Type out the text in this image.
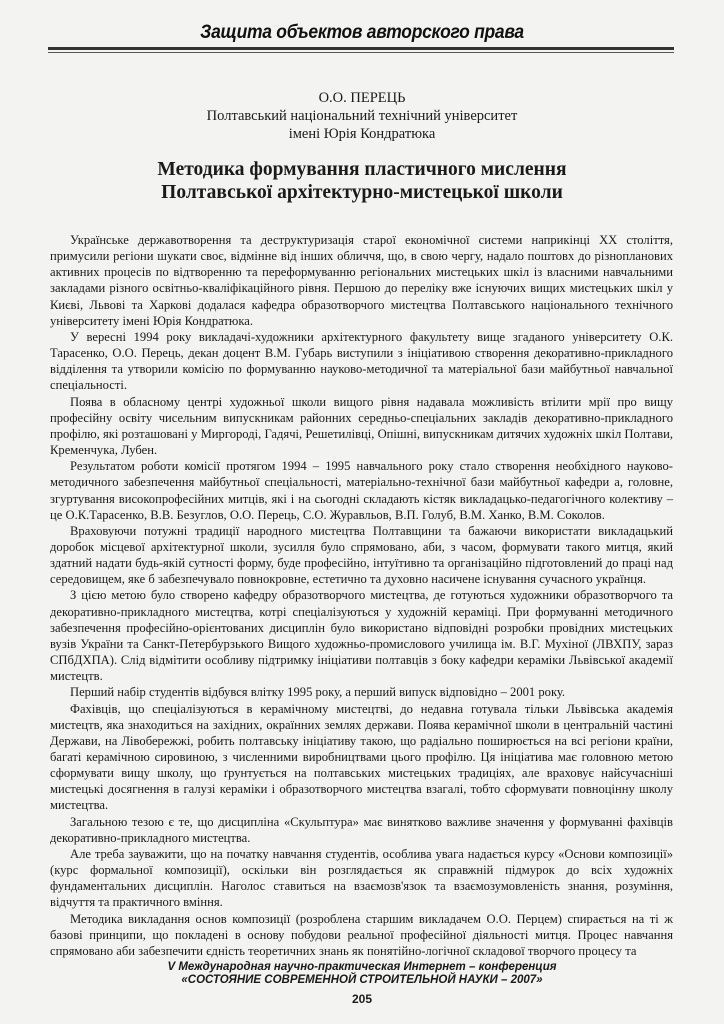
Защита объектов авторского права
О.О. ПЕРЕЦЬ
Полтавський національний технічний університет
імені Юрія Кондратюка
Методика формування пластичного мислення
Полтавської архітектурно-мистецької школи

Українське державотворення та деструктуризація старої економічної системи наприкінці XX століття, примусили регіони шукати своє, відмінне від інших обличчя, що, в свою чергу, надало поштовх до різнопланових активних процесів по відтворенню та переформуванню регіональних мистецьких шкіл із власними навчальними закладами різного освітньо-кваліфікаційного рівня. Першою до переліку вже існуючих вищих мистецьких шкіл у Києві, Львові та Харкові додалася кафедра образотворчого мистецтва Полтавського національного технічного університету імені Юрія Кондратюка.

У вересні 1994 року викладачі-художники архітектурного факультету вище згаданого університету О.К. Тарасенко, О.О. Перець, декан доцент В.М. Губарь виступили з ініціативою створення декоративно-прикладного відділення та утворили комісію по формуванню науково-методичної та матеріальної бази майбутньої навчальної спеціальності.

Поява в обласному центрі художньої школи вищого рівня надавала можливість втілити мрії про вищу професійну освіту чисельним випускникам районних середньо-спеціальних закладів декоративно-прикладного профілю, які розташовані у Миргороді, Гадячі, Решетилівці, Опішні, випускникам дитячих художніх шкіл Полтави, Кременчука, Лубен.

Результатом роботи комісії протягом 1994 – 1995 навчального року стало створення необхідного науково-методичного забезпечення майбутньої спеціальності, матеріально-технічної бази майбутньої кафедри а, головне, згуртування високопрофесійних митців, які і на сьогодні складають кістяк викладацько-педагогічного колективу – це О.К.Тарасенко, В.В. Безуглов, О.О. Перець, С.О. Журавльов, В.П. Голуб, В.М. Ханко, В.М. Соколов.

Враховуючи потужні традиції народного мистецтва Полтавщини та бажаючи використати викладацький доробок місцевої архітектурної школи, зусилля було спрямовано, аби, з часом, формувати такого митця, який здатний надати будь-якій сутності форму, буде професійно, інтуїтивно та організаційно підготовлений до праці над середовищем, яке б забезпечувало повнокровне, естетично та духовно насичене існування сучасного українця.

З цією метою було створено кафедру образотворчого мистецтва, де готуються художники образотворчого та декоративно-прикладного мистецтва, котрі спеціалізуються у художній кераміці. При формуванні методичного забезпечення професійно-орієнтованих дисциплін було використано відповідні розробки провідних мистецьких вузів України та Санкт-Петербурзького Вищого художньо-промислового училища ім. В.Г. Мухіної (ЛВХПУ, зараз СПбДХПА). Слід відмітити особливу підтримку ініціативи полтавців з боку кафедри кераміки Львівської академії мистецтв.

Перший набір студентів відбувся влітку 1995 року, а перший випуск відповідно – 2001 року.

Фахівців, що спеціалізуються в керамічному мистецтві, до недавна готувала тільки Львівська академія мистецтв, яка знаходиться на західних, окраїнних землях держави. Поява керамічної школи в центральній частині Держави, на Лівобережжі, робить полтавську ініціативу такою, що радіально поширюється на всі регіони країни, багаті керамічною сировиною, з численними виробництвами цього профілю. Ця ініціатива має головною метою сформувати вищу школу, що ґрунтується на полтавських мистецьких традиціях, але враховує найсучасніші мистецькі досягнення в галузі кераміки і образотворчого мистецтва взагалі, тобто сформувати повноцінну школу мистецтва.

Загальною тезою є те, що дисципліна «Скульптура» має винятково важливе значення у формуванні фахівців декоративно-прикладного мистецтва.

Але треба зауважити, що на початку навчання студентів, особлива увага надається курсу «Основи композиції» (курс формальної композиції), оскільки він розглядається як справжній підмурок до всіх художніх фундаментальних дисциплін. Наголос ставиться на взаємозв'язок та взаємозумовленість знання, розуміння, відчуття та практичного вміння.

Методика викладання основ композиції (розроблена старшим викладачем О.О. Перцем) спирається на ті ж базові принципи, що покладені в основу побудови реальної професійної діяльності митця. Процес навчання спрямовано аби забезпечити єдність теоретичних знань як понятійно-логічної складової творчого процесу та

V Международная научно-практическая Интернет – конференция
«СОСТОЯНИЕ СОВРЕМЕННОЙ СТРОИТЕЛЬНОЙ НАУКИ – 2007»
205
